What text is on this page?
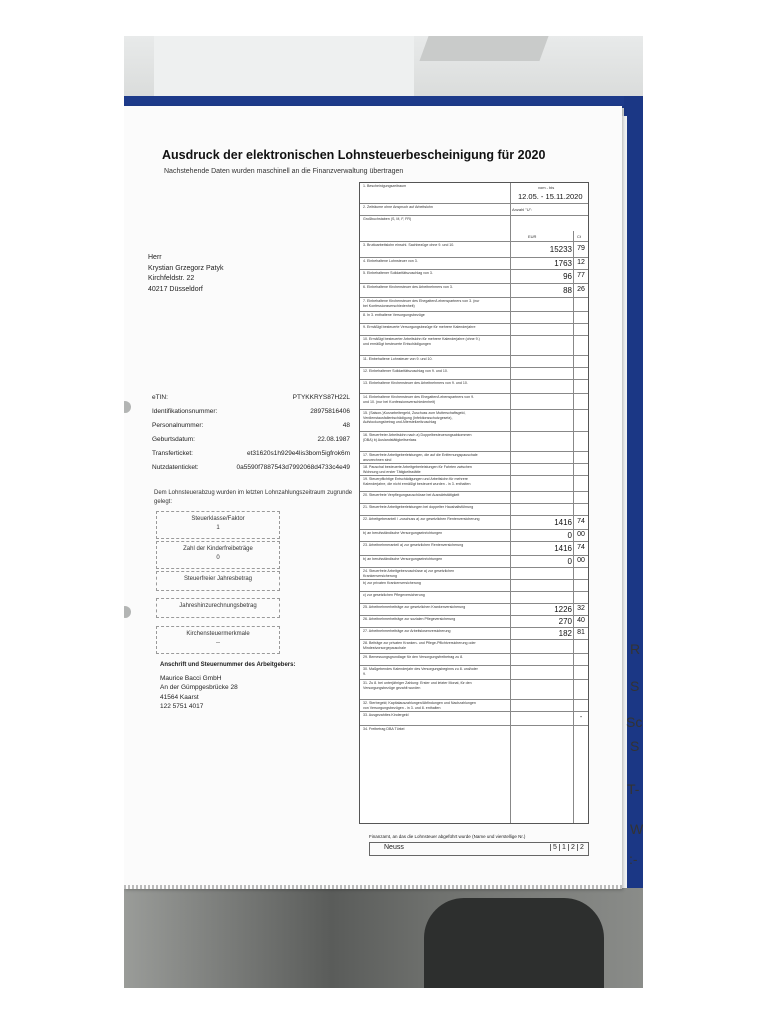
R
S
Sc
S
T-
W
:-
Ausdruck der elektronischen Lohnsteuerbescheinigung für 2020
Nachstehende Daten wurden maschinell an die Finanzverwaltung übertragen
Herr
Krystian Grzegorz Patyk
Kirchfeldstr. 22
40217 Düsseldorf
eTIN:	PTYKKRYS87H22L
Identifikationsnummer:	28975816406
Personalnummer:	48
Geburtsdatum:	22.08.1987
Transferticket:	et31620s1h929e4lis3bom5igfrok6m
Nutzdatenticket:	0a5590f7887543d7992068d4733c4e49
Dem Lohnsteuerabzug wurden im letzten Lohnzahlungszeitraum zugrunde gelegt:
Steuerklasse/Faktor
1
Zahl der Kinderfreibeträge
0
Steuerfreier Jahresbetrag
Jahreshinzurechnungsbetrag
Kirchensteuermerkmale
--
Anschrift und Steuernummer des Arbeitgebers:
Maurice Bacci GmbH
An der Gümpgesbrücke 28
41564 Kaarst
122 5751 4017
vom - bis
12.05. - 15.11.2020
Anzahl "U":
EUR	Ct
1. Bescheinigungszeitraum
2. Zeiträume ohne Anspruch auf Arbeitslohn
Großbuchstaben (S, M, F, FR)
3. Bruttoarbeitslohn einschl. Sachbezüge ohne 9. und 10.	15233 79
4. Einbehaltene Lohnsteuer von 3.	1763 12
5. Einbehaltener Solidaritätszuschlag von 3.	96 77
6. Einbehaltene Kirchensteuer des Arbeitnehmers von 3.	88 26
7. Einbehaltene Kirchensteuer des Ehegatten/Lebenspartners von 3. (nur bei Konfessionsverschiedenheit)
8. In 3. enthaltene Versorgungsbezüge
9. Ermäßigt besteuerte Versorgungsbezüge für mehrere Kalenderjahre
10. Ermäßigt besteuerter Arbeitslohn für mehrere Kalenderjahre (ohne 9.) und ermäßigt besteuerte Entschädigungen
11. Einbehaltene Lohnsteuer von 9. und 10.
12. Einbehaltener Solidaritätszuschlag von 9. und 10.
13. Einbehaltene Kirchensteuer des Arbeitnehmers von 9. und 10.
14. Einbehaltene Kirchensteuer des Ehegatten/Lebenspartners von 9. und 10. (nur bei Konfessionsverschiedenheit)
15. (Saison-)Kurzarbeitergeld, Zuschuss zum Mutterschaftsgeld, Verdienstausfallentschädigung (Infektionsschutzgesetz), Aufstockungsbetrag und Altersteilzeitzuschlag
16. Steuerfreier Arbeitslohn nach a) Doppelbesteuerungsabkommen (DBA) b) Auslandstätigkeitserlass
17. Steuerfreie Arbeitgeberleistungen, die auf die Entfernungspauschale anzurechnen sind
18. Pauschal besteuerte Arbeitgeberleistungen für Fahrten zwischen Wohnung und erster Tätigkeitsstätte
19. Steuerpflichtige Entschädigungen und Arbeitslohn für mehrere Kalenderjahre, die nicht ermäßigt besteuert wurden - in 3. enthalten
20. Steuerfreie Verpflegungszuschüsse bei Auswärtstätigkeit
21. Steuerfreie Arbeitgeberleistungen bei doppelter Haushaltsführung
22. Arbeitgeberanteil / -zuschuss a) zur gesetzlichen Rentenversicherung	1416 74
b) an berufsständische Versorgungseinrichtungen	0 00
23. Arbeitnehmeranteil a) zur gesetzlichen Rentenversicherung	1416 74
b) an berufsständische Versorgungseinrichtungen	0 00
24. Steuerfreie Arbeitgeberzuschüsse a) zur gesetzlichen Krankenversicherung
b) zur privaten Krankenversicherung
c) zur gesetzlichen Pflegeversicherung
25. Arbeitnehmerbeiträge zur gesetzlichen Krankenversicherung	1226 32
26. Arbeitnehmerbeiträge zur sozialen Pflegeversicherung	270 40
27. Arbeitnehmerbeiträge zur Arbeitslosenversicherung	182 81
28. Beiträge zur privaten Kranken- und Pflege-Pflichtversicherung oder Mindestvorsorgepauschale
29. Bemessungsgrundlage für den Versorgungsfreibetrag zu 8.
30. Maßgebendes Kalenderjahr des Versorgungsbeginns zu 8. und/oder 9.
31. Zu 8. bei unterjähriger Zahlung: Erster und letzter Monat, für den Versorgungsbezüge gezahlt wurden
32. Sterbegeld; Kapitalauszahlungen/Abfindungen und Nachzahlungen von Versorgungsbezügen - in 3. und 8. enthalten
33. Ausgezahltes Kindergeld	-
34. Freibetrag DBA Türkei
Finanzamt, an das die Lohnsteuer abgeführt wurde (Name und vierstellige Nr.)
Neuss	5 1 2 2
